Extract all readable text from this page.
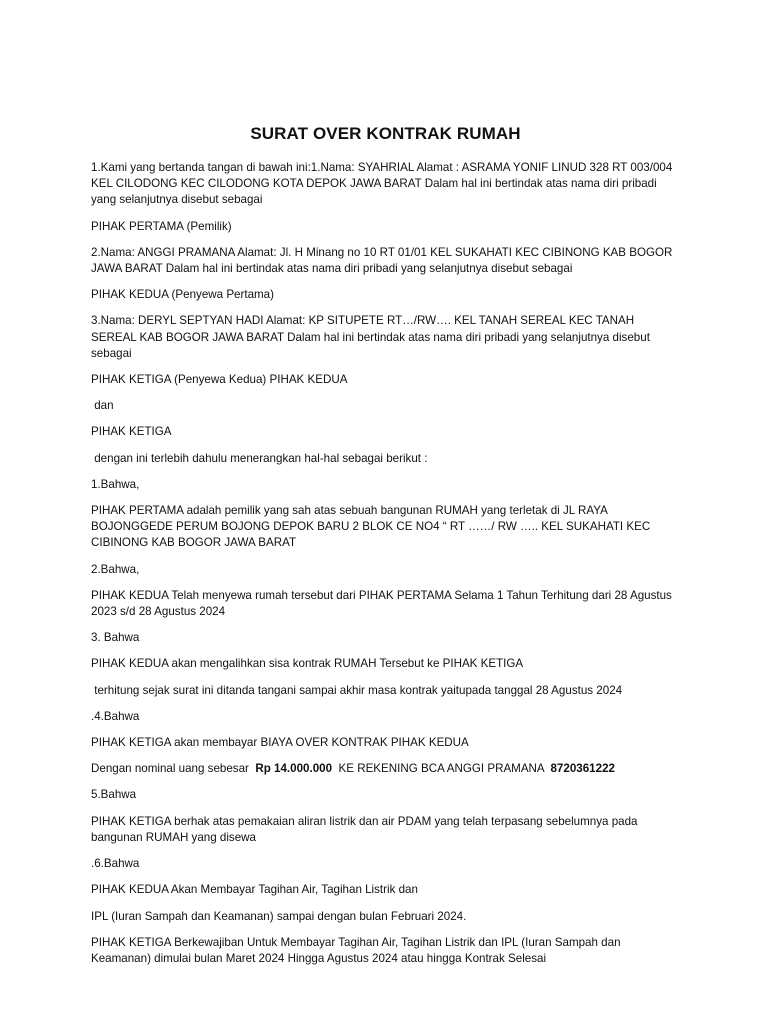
SURAT OVER KONTRAK RUMAH

1.Kami yang bertanda tangan di bawah ini:1.Nama: SYAHRIAL Alamat : ASRAMA YONIF LINUD 328 RT 003/004 KEL CILODONG KEC CILODONG KOTA DEPOK JAWA BARAT Dalam hal ini bertindak atas nama diri pribadi yang selanjutnya disebut sebagai

PIHAK PERTAMA (Pemilik)

2.Nama: ANGGI PRAMANA Alamat: Jl. H Minang no 10 RT 01/01 KEL SUKAHATI KEC CIBINONG KAB BOGOR JAWA BARAT Dalam hal ini bertindak atas nama diri pribadi yang selanjutnya disebut sebagai

PIHAK KEDUA (Penyewa Pertama)

3.Nama: DERYL SEPTYAN HADI Alamat: KP SITUPETE RT…/RW…. KEL TANAH SEREAL KEC TANAH SEREAL KAB BOGOR JAWA BARAT Dalam hal ini bertindak atas nama diri pribadi yang selanjutnya disebut sebagai

PIHAK KETIGA (Penyewa Kedua) PIHAK KEDUA

dan

PIHAK KETIGA

dengan ini terlebih dahulu menerangkan hal-hal sebagai berikut :

1.Bahwa,

PIHAK PERTAMA adalah pemilik yang sah atas sebuah bangunan RUMAH yang terletak di JL RAYA BOJONGGEDE PERUM BOJONG DEPOK BARU 2 BLOK CE NO4 “ RT ……/ RW ….. KEL SUKAHATI KEC CIBINONG KAB BOGOR JAWA BARAT

2.Bahwa,

PIHAK KEDUA Telah menyewa rumah tersebut dari PIHAK PERTAMA Selama 1 Tahun Terhitung dari 28 Agustus 2023 s/d 28 Agustus 2024

3. Bahwa

PIHAK KEDUA akan mengalihkan sisa kontrak RUMAH Tersebut ke PIHAK KETIGA

terhitung sejak surat ini ditanda tangani sampai akhir masa kontrak yaitupada tanggal 28 Agustus 2024

.4.Bahwa

PIHAK KETIGA akan membayar BIAYA OVER KONTRAK PIHAK KEDUA

Dengan nominal uang sebesar  Rp 14.000.000  KE REKENING BCA ANGGI PRAMANA  8720361222

5.Bahwa

PIHAK KETIGA berhak atas pemakaian aliran listrik dan air PDAM yang telah terpasang sebelumnya pada bangunan RUMAH yang disewa

.6.Bahwa

PIHAK KEDUA Akan Membayar Tagihan Air, Tagihan Listrik dan

IPL (Iuran Sampah dan Keamanan) sampai dengan bulan Februari 2024.

PIHAK KETIGA Berkewajiban Untuk Membayar Tagihan Air, Tagihan Listrik dan IPL (Iuran Sampah dan Keamanan) dimulai bulan Maret 2024 Hingga Agustus 2024 atau hingga Kontrak Selesai
